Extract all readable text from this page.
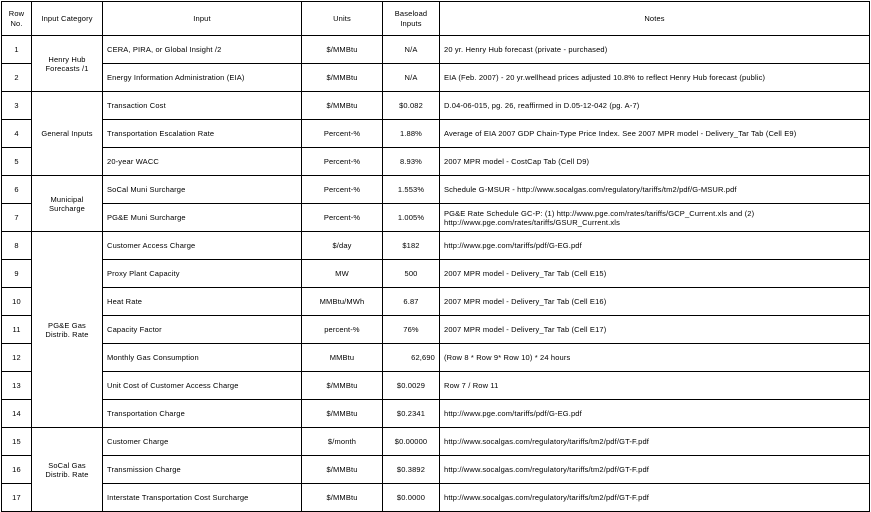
Row No.	Input Category	Input	Units	Baseload Inputs	Notes
1	Henry Hub Forecasts /1	CERA, PIRA, or Global Insight /2	$/MMBtu	N/A	20 yr. Henry Hub forecast (private - purchased)
2		Energy Information Administration (EIA)	$/MMBtu	N/A	EIA (Feb. 2007) - 20 yr.wellhead prices adjusted 10.8% to reflect Henry Hub forecast (public)
3	General Inputs	Transaction Cost	$/MMBtu	$0.082	D.04-06-015, pg. 26, reaffirmed in D.05-12-042 (pg. A-7)
4		Transportation Escalation Rate	Percent-%	1.88%	Average of EIA 2007 GDP Chain-Type Price Index. See 2007 MPR model - Delivery_Tar Tab (Cell E9)
5		20-year WACC	Percent-%	8.93%	2007 MPR model - CostCap Tab (Cell D9)
6	Municipal Surcharge	SoCal Muni Surcharge	Percent-%	1.553%	Schedule G-MSUR - http://www.socalgas.com/regulatory/tariffs/tm2/pdf/G-MSUR.pdf
7		PG&E Muni Surcharge	Percent-%	1.005%	PG&E Rate Schedule GC-P: (1) http://www.pge.com/rates/tariffs/GCP_Current.xls and (2) http://www.pge.com/rates/tariffs/GSUR_Current.xls
8	PG&E Gas Distrib. Rate	Customer Access Charge	$/day	$182	http://www.pge.com/tariffs/pdf/G-EG.pdf
9		Proxy Plant Capacity	MW	500	2007 MPR model - Delivery_Tar Tab (Cell E15)
10		Heat Rate	MMBtu/MWh	6.87	2007 MPR model - Delivery_Tar Tab (Cell E16)
11		Capacity Factor	percent-%	76%	2007 MPR model - Delivery_Tar Tab (Cell E17)
12		Monthly Gas Consumption	MMBtu	62,690	(Row 8 * Row 9* Row 10) * 24 hours
13		Unit Cost of Customer Access Charge	$/MMBtu	$0.0029	Row 7 / Row 11
14		Transportation Charge	$/MMBtu	$0.2341	http://www.pge.com/tariffs/pdf/G-EG.pdf
15	SoCal Gas Distrib. Rate	Customer Charge	$/month	$0.00000	http://www.socalgas.com/regulatory/tariffs/tm2/pdf/GT-F.pdf
16		Transmission Charge	$/MMBtu	$0.3892	http://www.socalgas.com/regulatory/tariffs/tm2/pdf/GT-F.pdf
17		Interstate Transportation Cost Surcharge	$/MMBtu	$0.0000	http://www.socalgas.com/regulatory/tariffs/tm2/pdf/GT-F.pdf
